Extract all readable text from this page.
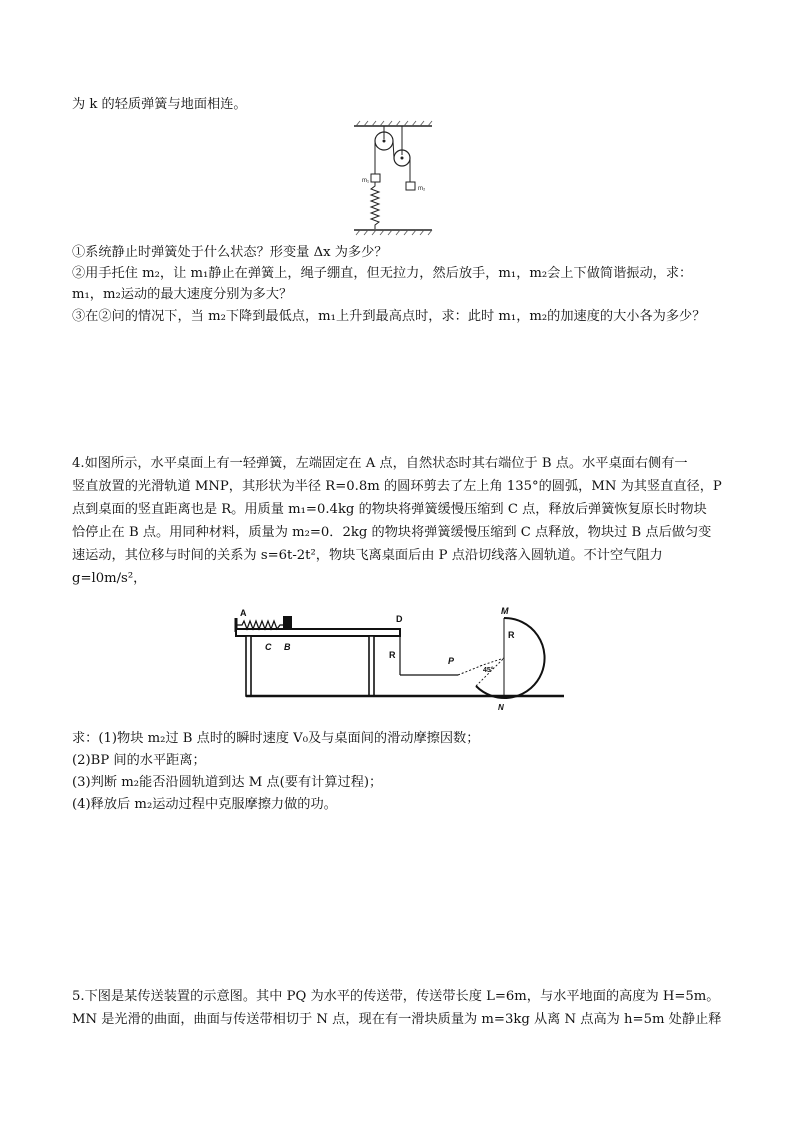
为 k 的轻质弹簧与地面相连。
m₁
m₂
①系统静止时弹簧处于什么状态？形变量 Δx 为多少？
②用手托住 m₂，让 m₁静止在弹簧上，绳子绷直，但无拉力，然后放手，m₁，m₂会上下做简谐振动，求：
m₁，m₂运动的最大速度分别为多大？
③在②问的情况下，当 m₂下降到最低点，m₁上升到最高点时，求：此时 m₁，m₂的加速度的大小各为多少？
4.如图所示，水平桌面上有一轻弹簧，左端固定在 A 点，自然状态时其右端位于 B 点。水平桌面右侧有一
竖直放置的光滑轨道 MNP，其形状为半径 R=0.8m 的圆环剪去了左上角 135°的圆弧，MN 为其竖直直径，P
点到桌面的竖直距离也是 R。用质量 m₁=0.4kg 的物块将弹簧缓慢压缩到 C 点，释放后弹簧恢复原长时物块
恰停止在 B 点。用同种材料，质量为 m₂=0．2kg 的物块将弹簧缓慢压缩到 C 点释放，物块过 B 点后做匀变
速运动，其位移与时间的关系为 s=6t-2t²，物块飞离桌面后由 P 点沿切线落入圆轨道。不计空气阻力
g=l0m/s²，
A
C B
D
R
P
M
N
R
45°
求：(1)物块 m₂过 B 点时的瞬时速度 V₀及与桌面间的滑动摩擦因数；
(2)BP 间的水平距离；
(3)判断 m₂能否沿圆轨道到达 M 点(要有计算过程)；
(4)释放后 m₂运动过程中克服摩擦力做的功。
5.下图是某传送装置的示意图。其中 PQ 为水平的传送带，传送带长度 L=6m，与水平地面的高度为 H=5m。
MN 是光滑的曲面，曲面与传送带相切于 N 点，现在有一滑块质量为 m=3kg 从离 N 点高为 h=5m 处静止释
